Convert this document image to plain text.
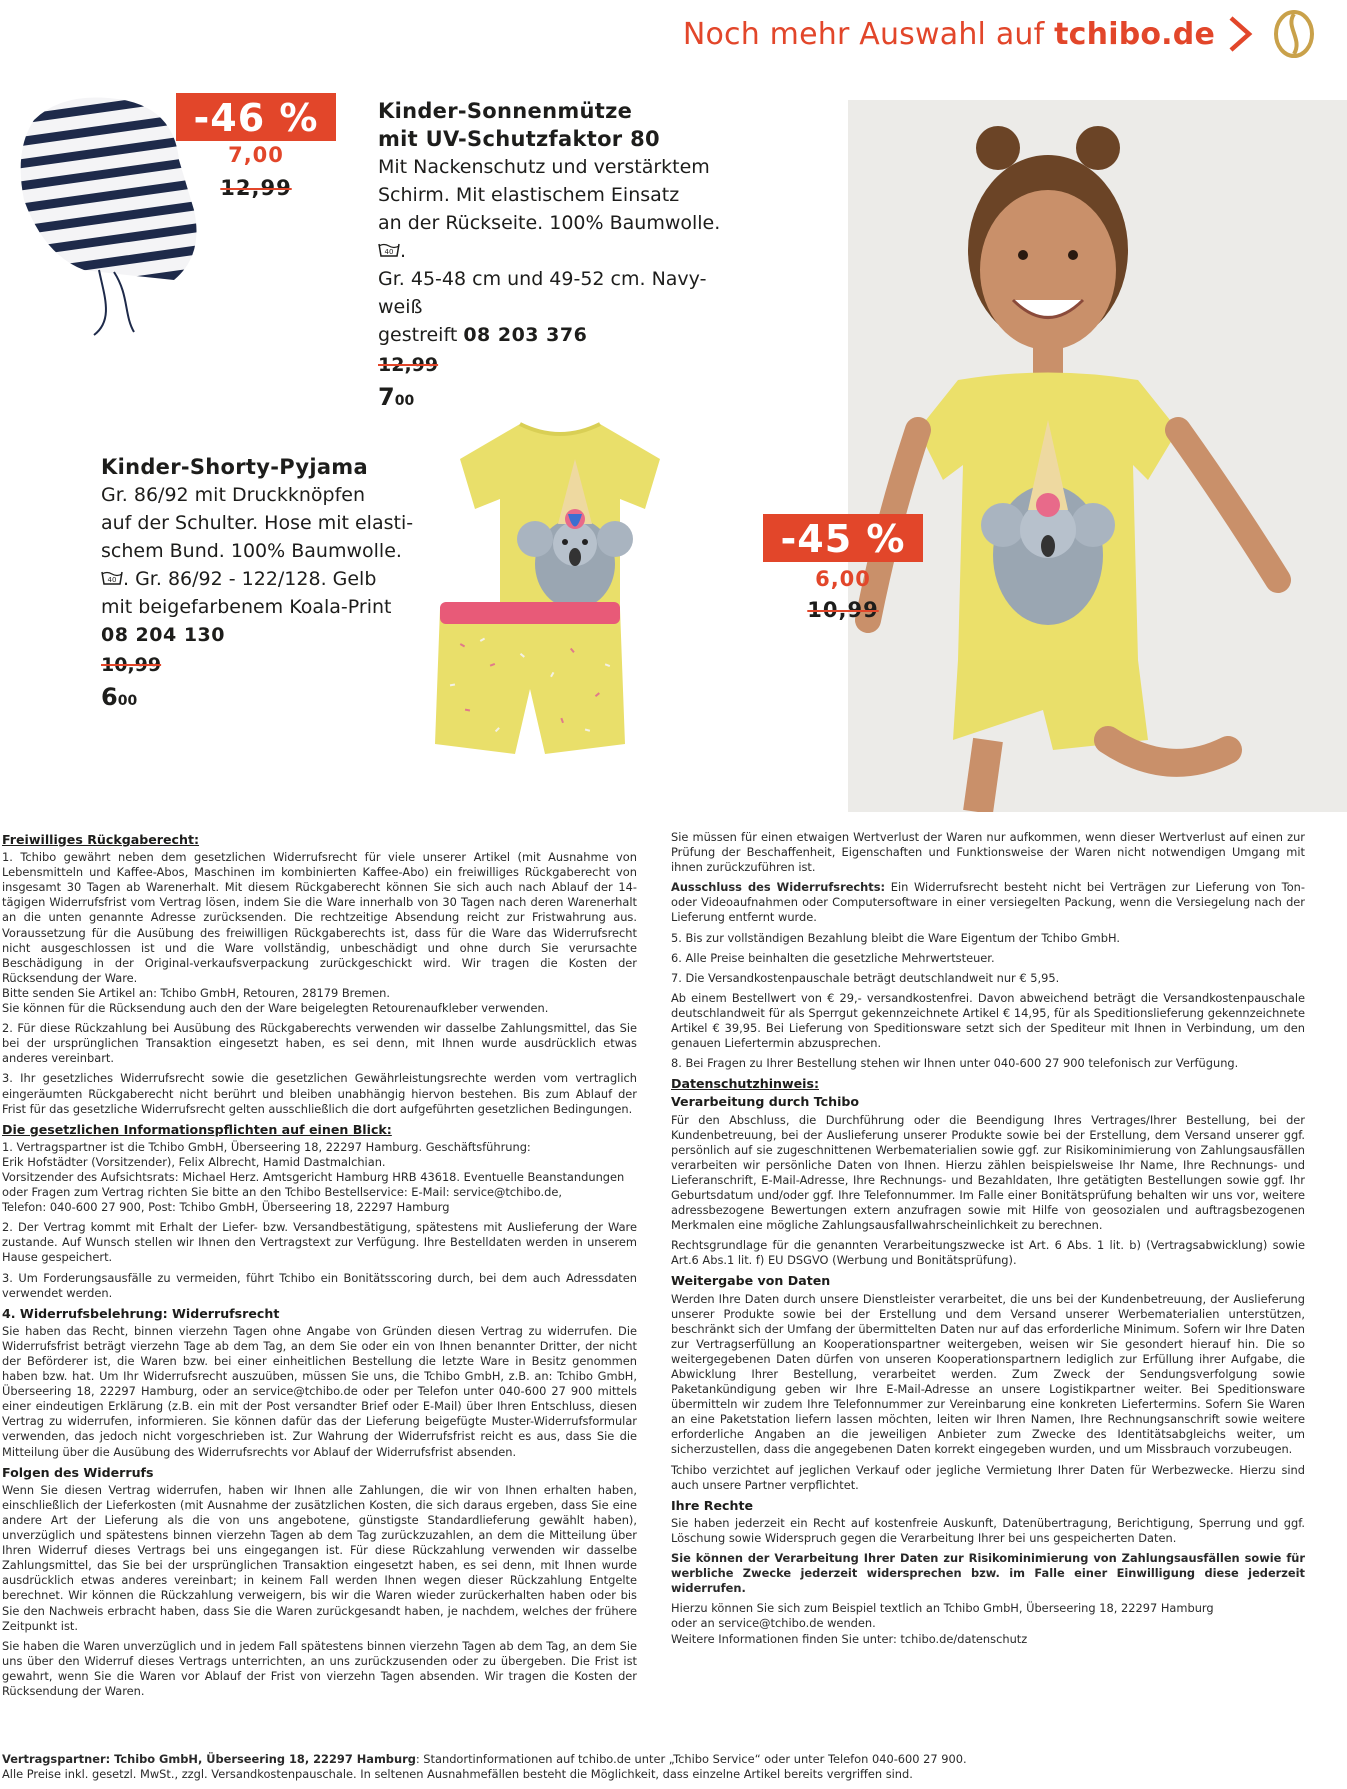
Noch mehr Auswahl auf tchibo.de
-46 %
7,00
12,99
Kinder-Sonnenmütze
mit UV-Schutzfaktor 80
Mit Nackenschutz und verstärktem
Schirm. Mit elastischem Einsatz
an der Rückseite. 100% Baumwolle.
40 .
Gr. 45-48 cm und 49-52 cm. Navy-weiß
gestreift 08 203 376
12,99
$7^{00}$
Kinder-Shorty-Pyjama
Gr. 86/92 mit Druckknöpfen
auf der Schulter. Hose mit elasti-
schem Bund. 100% Baumwolle.

40 . Gr. 86/92 - 122/128. Gelb
mit beigefarbenem Koala-Print
08 204 130
10,99
$6^{00}$
-45 %
6,00
10,99
Freiwilliges Rückgaberecht:

1. Tchibo gewährt neben dem gesetzlichen Widerrufsrecht für viele unserer Artikel (mit Ausnahme von Lebensmitteln und Kaffee-Abos, Maschinen im kombinierten Kaffee-Abo) ein freiwilliges Rückgaberecht von insgesamt 30 Tagen ab Warenerhalt. Mit diesem Rückgaberecht können Sie sich auch nach Ablauf der 14-tägigen Widerrufsfrist vom Vertrag lösen, indem Sie die Ware innerhalb von 30 Tagen nach deren Warenerhalt an die unten genannte Adresse zurücksenden. Die rechtzeitige Absendung reicht zur Fristwahrung aus. Voraussetzung für die Ausübung des freiwilligen Rückgaberechts ist, dass für die Ware das Widerrufsrecht nicht ausgeschlossen ist und die Ware vollständig, unbeschädigt und ohne durch Sie verursachte Beschädigung in der Original-verkaufsverpackung zurückgeschickt wird. Wir tragen die Kosten der Rücksendung der Ware.
Bitte senden Sie Artikel an: Tchibo GmbH, Retouren, 28179 Bremen.
Sie können für die Rücksendung auch den der Ware beigelegten Retourenaufkleber verwenden.

2. Für diese Rückzahlung bei Ausübung des Rückgaberechts verwenden wir dasselbe Zahlungsmittel, das Sie bei der ursprünglichen Transaktion eingesetzt haben, es sei denn, mit Ihnen wurde ausdrücklich etwas anderes vereinbart.

3. Ihr gesetzliches Widerrufsrecht sowie die gesetzlichen Gewährleistungsrechte werden vom vertraglich eingeräumten Rückgaberecht nicht berührt und bleiben unabhängig hiervon bestehen. Bis zum Ablauf der Frist für das gesetzliche Widerrufsrecht gelten ausschließlich die dort aufgeführten gesetzlichen Bedingungen.

Die gesetzlichen Informationspflichten auf einen Blick:

1. Vertragspartner ist die Tchibo GmbH, Überseering 18, 22297 Hamburg. Geschäftsführung:
Erik Hofstädter (Vorsitzender), Felix Albrecht, Hamid Dastmalchian.
Vorsitzender des Aufsichtsrats: Michael Herz. Amtsgericht Hamburg HRB 43618. Eventuelle Beanstandungen
oder Fragen zum Vertrag richten Sie bitte an den Tchibo Bestellservice: E-Mail: service@tchibo.de,
Telefon: 040-600 27 900, Post: Tchibo GmbH, Überseering 18, 22297 Hamburg

2. Der Vertrag kommt mit Erhalt der Liefer- bzw. Versandbestätigung, spätestens mit Auslieferung der Ware zustande. Auf Wunsch stellen wir Ihnen den Vertragstext zur Verfügung. Ihre Bestelldaten werden in unserem Hause gespeichert.

3. Um Forderungsausfälle zu vermeiden, führt Tchibo ein Bonitätsscoring durch, bei dem auch Adressdaten verwendet werden.

4. Widerrufsbelehrung: Widerrufsrecht

Sie haben das Recht, binnen vierzehn Tagen ohne Angabe von Gründen diesen Vertrag zu widerrufen. Die Widerrufsfrist beträgt vierzehn Tage ab dem Tag, an dem Sie oder ein von Ihnen benannter Dritter, der nicht der Beförderer ist, die Waren bzw. bei einer einheitlichen Bestellung die letzte Ware in Besitz genommen haben bzw. hat. Um Ihr Widerrufsrecht auszuüben, müssen Sie uns, die Tchibo GmbH, z.B. an: Tchibo GmbH, Überseering 18, 22297 Hamburg, oder an service@tchibo.de oder per Telefon unter 040-600 27 900 mittels einer eindeutigen Erklärung (z.B. ein mit der Post versandter Brief oder E-Mail) über Ihren Entschluss, diesen Vertrag zu widerrufen, informieren. Sie können dafür das der Lieferung beigefügte Muster-Widerrufsformular verwenden, das jedoch nicht vorgeschrieben ist. Zur Wahrung der Widerrufsfrist reicht es aus, dass Sie die Mitteilung über die Ausübung des Widerrufsrechts vor Ablauf der Widerrufsfrist absenden.

Folgen des Widerrufs

Wenn Sie diesen Vertrag widerrufen, haben wir Ihnen alle Zahlungen, die wir von Ihnen erhalten haben, einschließlich der Lieferkosten (mit Ausnahme der zusätzlichen Kosten, die sich daraus ergeben, dass Sie eine andere Art der Lieferung als die von uns angebotene, günstigste Standardlieferung gewählt haben), unverzüglich und spätestens binnen vierzehn Tagen ab dem Tag zurückzuzahlen, an dem die Mitteilung über Ihren Widerruf dieses Vertrags bei uns eingegangen ist. Für diese Rückzahlung verwenden wir dasselbe Zahlungsmittel, das Sie bei der ursprünglichen Transaktion eingesetzt haben, es sei denn, mit Ihnen wurde ausdrücklich etwas anderes vereinbart; in keinem Fall werden Ihnen wegen dieser Rückzahlung Entgelte berechnet. Wir können die Rückzahlung verweigern, bis wir die Waren wieder zurückerhalten haben oder bis Sie den Nachweis erbracht haben, dass Sie die Waren zurückgesandt haben, je nachdem, welches der frühere Zeitpunkt ist.

Sie haben die Waren unverzüglich und in jedem Fall spätestens binnen vierzehn Tagen ab dem Tag, an dem Sie uns über den Widerruf dieses Vertrags unterrichten, an uns zurückzusenden oder zu übergeben. Die Frist ist gewahrt, wenn Sie die Waren vor Ablauf der Frist von vierzehn Tagen absenden. Wir tragen die Kosten der Rücksendung der Waren.

Sie müssen für einen etwaigen Wertverlust der Waren nur aufkommen, wenn dieser Wertverlust auf einen zur Prüfung der Beschaffenheit, Eigenschaften und Funktionsweise der Waren nicht notwendigen Umgang mit ihnen zurückzuführen ist.

Ausschluss des Widerrufsrechts: Ein Widerrufsrecht besteht nicht bei Verträgen zur Lieferung von Ton- oder Videoaufnahmen oder Computersoftware in einer versiegelten Packung, wenn die Versiegelung nach der Lieferung entfernt wurde.

5. Bis zur vollständigen Bezahlung bleibt die Ware Eigentum der Tchibo GmbH.

6. Alle Preise beinhalten die gesetzliche Mehrwertsteuer.

7. Die Versandkostenpauschale beträgt deutschlandweit nur € 5,95.

Ab einem Bestellwert von € 29,- versandkostenfrei. Davon abweichend beträgt die Versandkostenpauschale deutschlandweit für als Sperrgut gekennzeichnete Artikel € 14,95, für als Speditionslieferung gekennzeichnete Artikel € 39,95. Bei Lieferung von Speditionsware setzt sich der Spediteur mit Ihnen in Verbindung, um den genauen Liefertermin abzusprechen.

8. Bei Fragen zu Ihrer Bestellung stehen wir Ihnen unter 040-600 27 900 telefonisch zur Verfügung.

Datenschutzhinweis:
Verarbeitung durch Tchibo

Für den Abschluss, die Durchführung oder die Beendigung Ihres Vertrages/Ihrer Bestellung, bei der Kundenbetreuung, bei der Auslieferung unserer Produkte sowie bei der Erstellung, dem Versand unserer ggf. persönlich auf sie zugeschnittenen Werbematerialien sowie ggf. zur Risikominimierung von Zahlungsausfällen verarbeiten wir persönliche Daten von Ihnen. Hierzu zählen beispielsweise Ihr Name, Ihre Rechnungs- und Lieferanschrift, E-Mail-Adresse, Ihre Rechnungs- und Bezahldaten, Ihre getätigten Bestellungen sowie ggf. Ihr Geburtsdatum und/oder ggf. Ihre Telefonnummer. Im Falle einer Bonitätsprüfung behalten wir uns vor, weitere adressbezogene Bewertungen extern anzufragen sowie mit Hilfe von geosozialen und auftragsbezogenen Merkmalen eine mögliche Zahlungsausfallwahrscheinlichkeit zu berechnen.

Rechtsgrundlage für die genannten Verarbeitungszwecke ist Art. 6 Abs. 1 lit. b) (Vertragsabwicklung) sowie Art.6 Abs.1 lit. f) EU DSGVO (Werbung und Bonitätsprüfung).

Weitergabe von Daten

Werden Ihre Daten durch unsere Dienstleister verarbeitet, die uns bei der Kundenbetreuung, der Auslieferung unserer Produkte sowie bei der Erstellung und dem Versand unserer Werbematerialien unterstützen, beschränkt sich der Umfang der übermittelten Daten nur auf das erforderliche Minimum. Sofern wir Ihre Daten zur Vertragserfüllung an Kooperationspartner weitergeben, weisen wir Sie gesondert hierauf hin. Die so weitergegebenen Daten dürfen von unseren Kooperationspartnern lediglich zur Erfüllung ihrer Aufgabe, die Abwicklung Ihrer Bestellung, verarbeitet werden. Zum Zweck der Sendungsverfolgung sowie Paketankündigung geben wir Ihre E-Mail-Adresse an unsere Logistikpartner weiter. Bei Speditionsware übermitteln wir zudem Ihre Telefonnummer zur Vereinbarung eine konkreten Liefertermins. Sofern Sie Waren an eine Paketstation liefern lassen möchten, leiten wir Ihren Namen, Ihre Rechnungsanschrift sowie weitere erforderliche Angaben an die jeweiligen Anbieter zum Zwecke des Identitätsabgleichs weiter, um sicherzustellen, dass die angegebenen Daten korrekt eingegeben wurden, und um Missbrauch vorzubeugen.

Tchibo verzichtet auf jeglichen Verkauf oder jegliche Vermietung Ihrer Daten für Werbezwecke. Hierzu sind auch unsere Partner verpflichtet.

Ihre Rechte

Sie haben jederzeit ein Recht auf kostenfreie Auskunft, Datenübertragung, Berichtigung, Sperrung und ggf. Löschung sowie Widerspruch gegen die Verarbeitung Ihrer bei uns gespeicherten Daten.

Sie können der Verarbeitung Ihrer Daten zur Risikominimierung von Zahlungsausfällen sowie für werbliche Zwecke jederzeit widersprechen bzw. im Falle einer Einwilligung diese jederzeit widerrufen.

Hierzu können Sie sich zum Beispiel textlich an Tchibo GmbH, Überseering 18, 22297 Hamburg
oder an service@tchibo.de wenden.
Weitere Informationen finden Sie unter: tchibo.de/datenschutz

Vertragspartner: Tchibo GmbH, Überseering 18, 22297 Hamburg: Standortinformationen auf tchibo.de unter „Tchibo Service“ oder unter Telefon 040-600 27 900.
Alle Preise inkl. gesetzl. MwSt., zzgl. Versandkostenpauschale. In seltenen Ausnahmefällen besteht die Möglichkeit, dass einzelne Artikel bereits vergriffen sind.
